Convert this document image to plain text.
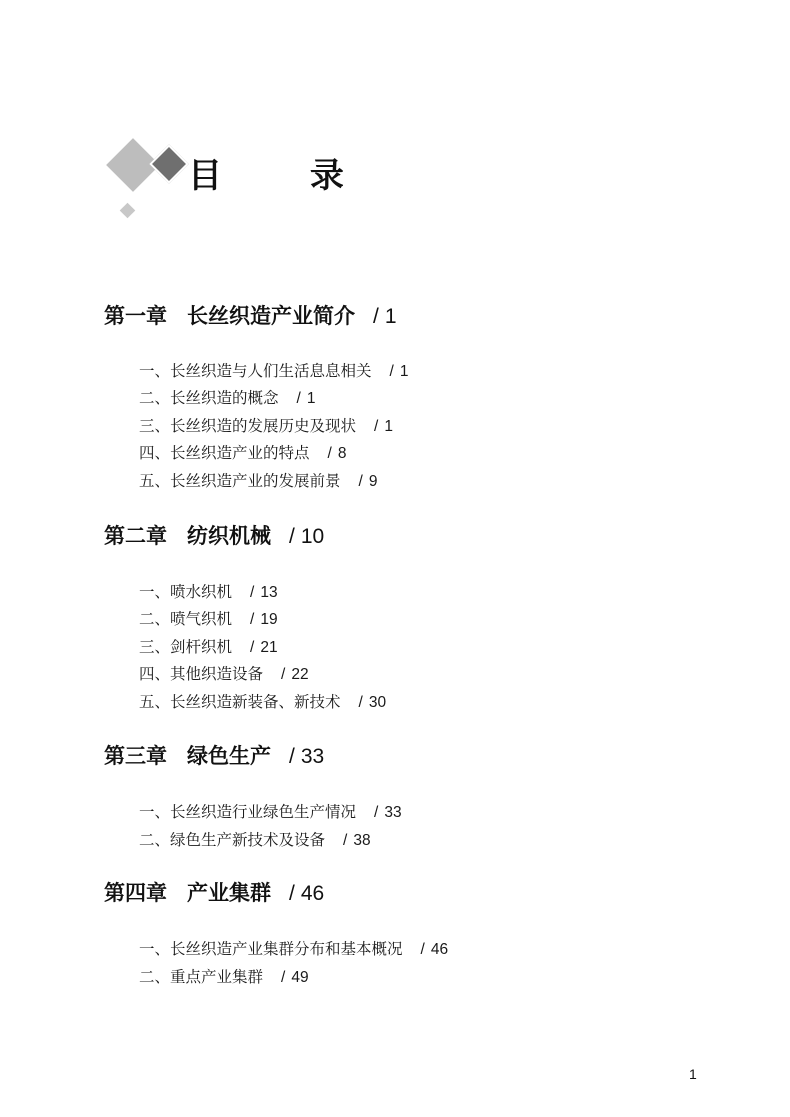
目 录
第一章 长丝织造产业简介 / 1
一、长丝织造与人们生活息息相关 / 1
二、长丝织造的概念 / 1
三、长丝织造的发展历史及现状 / 1
四、长丝织造产业的特点 / 8
五、长丝织造产业的发展前景 / 9
第二章 纺织机械 / 10
一、喷水织机 / 13
二、喷气织机 / 19
三、剑杆织机 / 21
四、其他织造设备 / 22
五、长丝织造新装备、新技术 / 30
第三章 绿色生产 / 33
一、长丝织造行业绿色生产情况 / 33
二、绿色生产新技术及设备 / 38
第四章 产业集群 / 46
一、长丝织造产业集群分布和基本概况 / 46
二、重点产业集群 / 49
1
